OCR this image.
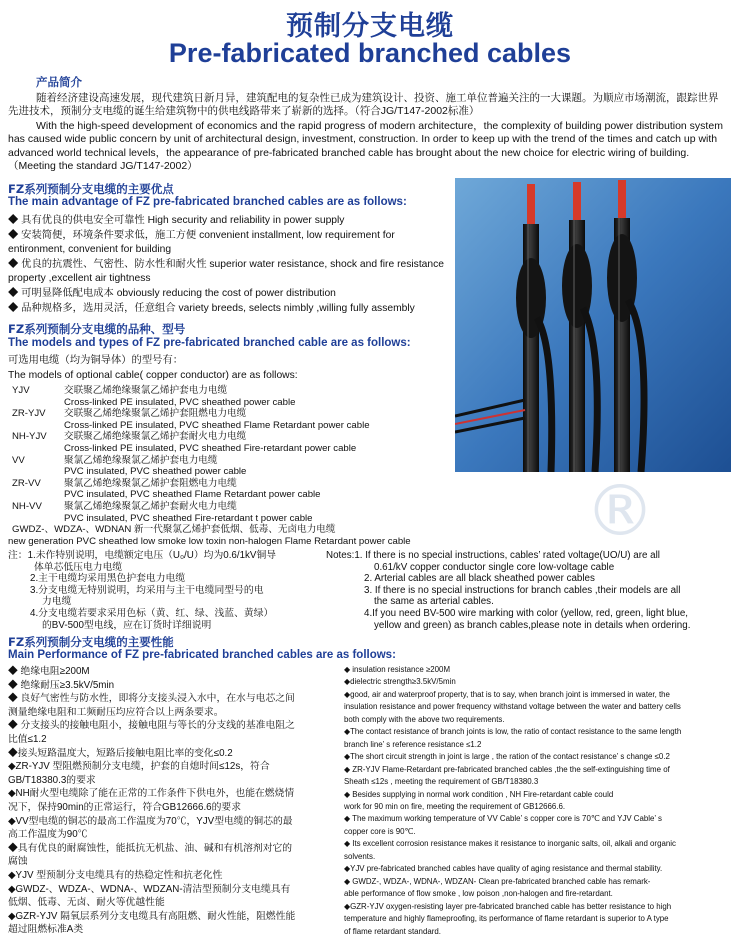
预制分支电缆
Pre-fabricated branched cables
产品简介
随着经济建设高速发展，现代建筑日新月异，建筑配电的复杂性已成为建筑设计、投资、施工单位普遍关注的一大课题。为顺应市场潮流，跟踪世界先进技术，预制分支电缆的诞生给建筑物中的供电线路带来了崭新的选择。（符合JG/T147-2002标准）
With the high-speed development of economics and the rapid progress of modern architecture，the complexity of building power distribution system has caused wide public concern by unit of architectural design, investment, construction. In order to keep up with the trend of the times and catch up with advanced world technical levels，the appearance of pre-fabricated branched cable has brought about the new choice for electric wiring of building.（Meeting the standard JG/T147-2002）
FZ系列预制分支电缆的主要优点
The main advantage of FZ pre-fabricated branched cables are as follows:
◆ 具有优良的供电安全可靠性 High security and reliability in power supply
◆ 安装简便，环境条件要求低，施工方便 convenient installment, low requirement for entironment, convenient for building
◆ 优良的抗震性、气密性、防水性和耐火性 superior water resistance, shock and fire resistance property ,excellent air tightness
◆ 可明显降低配电成本 obviously reducing the cost of power distribution
◆ 品种规格多，选用灵活，任意组合 variety breeds, selects nimbly ,willing fully assembly
FZ系列预制分支电缆的品种、型号
The models and types of FZ pre-fabricated branched cable are as follows:
可选用电缆（均为铜导体）的型号有：
The models of optional cable( copper conductor) are as follows:
YJV	交联聚乙烯绝缘聚氯乙烯护套电力电缆
Cross-linked PE insulated, PVC sheathed power cable
ZR-YJV 交联聚乙烯绝缘聚氯乙烯护套阻燃电力电缆
Cross-linked PE insulated, PVC sheathed Flame Retardant power cable
NH-YJV 交联聚乙烯绝缘聚氯乙烯护套耐火电力电缆
Cross-linked PE insulated, PVC sheathed Fire-retardant power cable
VV	聚氯乙烯绝缘聚氯乙烯护套电力电缆
PVC insulated, PVC sheathed power cable
ZR-VV 聚氯乙烯绝缘聚氯乙烯护套阻燃电力电缆
PVC insulated, PVC sheathed Flame Retardant power cable
NH-VV 聚氯乙烯绝缘聚氯乙烯护套耐火电力电缆
PVC insulated, PVC sheathed Fire-retardant t power cable
GWDZ-、WDZA-、WDNAN 新一代聚氯乙烯护套低烟、低毒、无卤电力电缆
new generation PVC sheathed low smoke low toxin non-halogen Flame Retardant power cable	®
注：1.未作特别说明，电缆额定电压（U₀/U）均为0.6/1kV铜导
体单芯低压电力电缆
2.主干电缆均采用黑色护套电力电缆
3.分支电缆无特别说明，均采用与主干电缆同型号的电
力电缆
4.分支电缆若要求采用色标（黄、红、绿、浅蓝、黄绿）
的BV-500型电线，应在订货时详细说明
Notes:1. If there is no special instructions, cables’ rated voltage(UO/U) are all
0.61/kV copper conductor single core low-voltage cable
2. Arterial cables are all black sheathed power cables
3. If there is no special instructions for branch cables ,their models are all
the same as arterial cables.
4.If you need BV-500 wire marking with color (yellow, red, green, light blue,
yellow and green) as branch cables,please note in details when ordering.
FZ系列预制分支电缆的主要性能
Main Performance of FZ pre-fabricated branched cables are as follows:
◆ 绝缘电阻≥200M
◆ 绝缘耐压≥3.5kV/5min
◆ 良好气密性与防水性，即将分支接头浸入水中，在水与电芯之间
测量绝缘电阻和工频耐压均应符合以上两条要求。
◆ 分支接头的接触电阻小，接触电阻与等长的分支线的基准电阻之
比值≤1.2
◆接头短路温度大，短路后接触电阻比率的变化≤0.2
◆ZR-YJV 型阻燃预制分支电缆，护套的自熄时间≤12s，符合
GB/T18380.3的要求
◆NH耐火型电缆除了能在正常的工作条件下供电外，也能在燃烧情
况下，保持90min的正常运行，符合GB12666.6的要求
◆VV型电缆的铜芯的最高工作温度为70℃，YJV型电缆的铜芯的最
高工作温度为90℃
◆具有优良的耐腐蚀性，能抵抗无机盐、油、碱和有机溶剂对它的
腐蚀
◆YJV 型预制分支电缆具有的热稳定性和抗老化性
◆GWDZ-、WDZA-、WDNA-、WDZAN-清洁型预制分支电缆具有
低烟、低毒、无卤、耐火等优越性能
◆GZR-YJV 隔氧层系列分支电缆具有高阻燃、耐火性能，阻燃性能
超过阻燃标准A类
◆ insulation resistance ≥200M
◆dielectric strength≥3.5kV/5min
◆good, air and waterproof property, that is to say, when branch joint is immersed in water, the
insulation resistance and power frequency withstand voltage between the water and battery cells
both comply with the above two requirements.
◆The contact resistance of branch joints is low, the ratio of contact resistance to the same length
branch line’ s reference resistance ≤1.2
◆The short circuit strength in joint is large , the ration of the contact resistance’ s change ≤0.2
◆ ZR-YJV Flame-Retardant pre-fabricated branched cables ,the the self-extinguishing time of
Sheath ≤12s , meeting the requirement of GB/T18380.3
◆ Besides supplying in normal work condition , NH Fire-retardant cable could
work for 90 min on fire, meeting the requirement of GB12666.6.
◆ The maximum working temperature of VV Cable’ s copper core is 70℃ and YJV Cable’ s
copper core is 90℃.
◆ Its excellent corrosion resistance makes it resistance to inorganic salts, oil, alkali and organic
solvents.
◆YJV pre-fabricated branched cables have quality of aging resistance and thermal stability.
◆ GWDZ-, WDZA-, WDNA-, WDZAN- Clean pre-fabricated branched cable has remark-
able performance of flow smoke , low poison ,non-halogen and fire-retardant.
◆GZR-YJV oxygen-resisting layer pre-fabricated branched cable has better resistance to high
temperature and highly flameproofing, its performance of flame retardant is superior to A type
of flame retardant standard.
